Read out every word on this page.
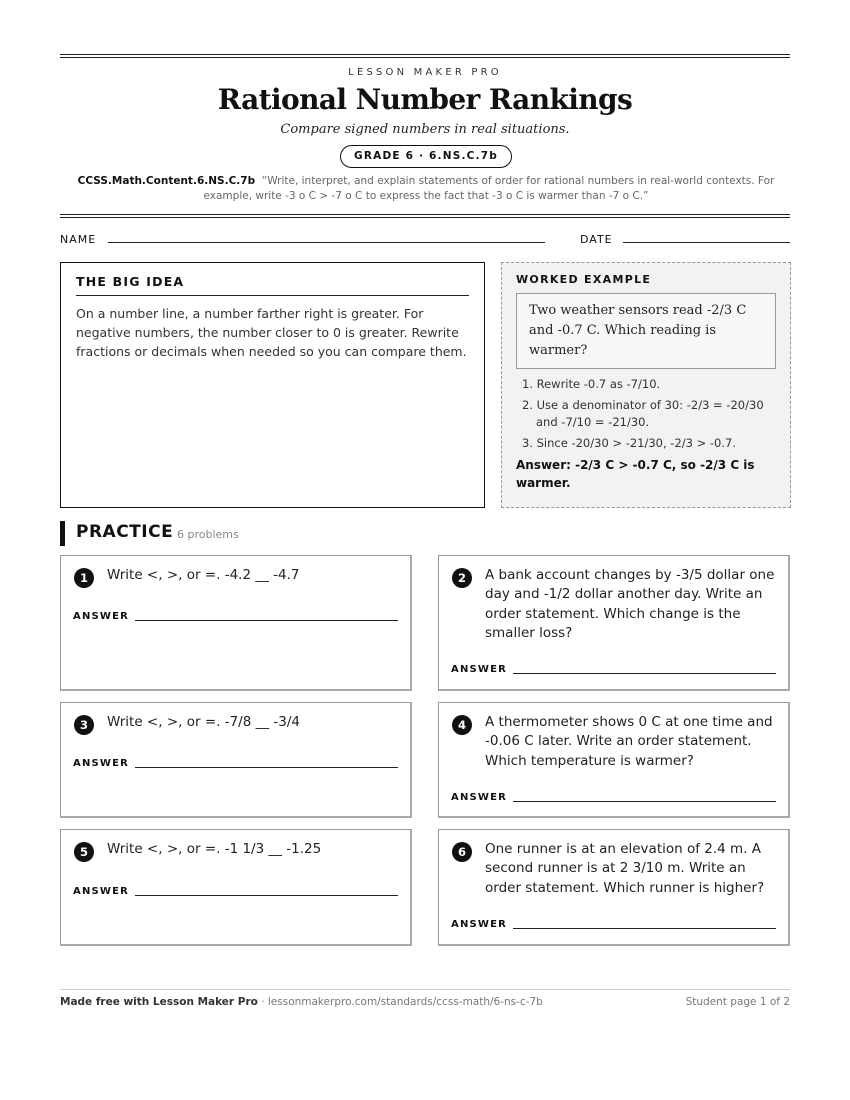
LESSON MAKER PRO
Rational Number Rankings
Compare signed numbers in real situations.
GRADE 6 · 6.NS.C.7b
CCSS.Math.Content.6.NS.C.7b “Write, interpret, and explain statements of order for rational numbers in real-world contexts. For example, write -3 o C > -7 o C to express the fact that -3 o C is warmer than -7 o C.”
NAME	DATE
THE BIG IDEA

On a number line, a number farther right is greater. For negative numbers, the number closer to 0 is greater. Rewrite fractions or decimals when needed so you can compare them.

WORKED EXAMPLE
Two weather sensors read -2/3 C and -0.7 C. Which reading is warmer?
1. Rewrite -0.7 as -7/10.
2. Use a denominator of 30: -2/3 = -20/30 and -7/10 = -21/30.
3. Since -20/30 > -21/30, -2/3 > -0.7.
Answer: -2/3 C > -0.7 C, so -2/3 C is warmer.
PRACTICE 6 problems
1	Write <, >, or =. -4.2 __ -4.7
ANSWER
2	A bank account changes by -3/5 dollar one day and -1/2 dollar another day. Write an order statement. Which change is the smaller loss?
ANSWER
3	Write <, >, or =. -7/8 __ -3/4
ANSWER
4	A thermometer shows 0 C at one time and -0.06 C later. Write an order statement. Which temperature is warmer?
ANSWER
5	Write <, >, or =. -1 1/3 __ -1.25
ANSWER
6	One runner is at an elevation of 2.4 m. A second runner is at 2 3/10 m. Write an order statement. Which runner is higher?
ANSWER
Made free with Lesson Maker Pro · lessonmakerpro.com/standards/ccss-math/6-ns-c-7b	Student page 1 of 2
